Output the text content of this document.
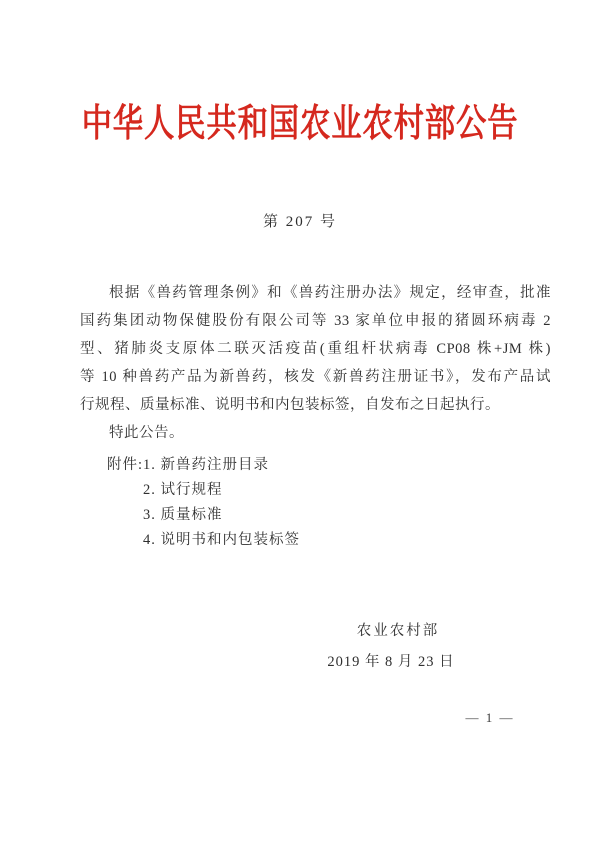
中华人民共和国农业农村部公告
第 207 号
根据《兽药管理条例》和《兽药注册办法》规定，经审查，批准
国药集团动物保健股份有限公司等 33 家单位申报的猪圆环病毒 2
型、猪肺炎支原体二联灭活疫苗(重组杆状病毒 CP08 株+JM 株)
等 10 种兽药产品为新兽药，核发《新兽药注册证书》，发布产品试
行规程、质量标准、说明书和内包装标签，自发布之日起执行。
特此公告。
附件: 1. 新兽药注册目录
2. 试行规程
3. 质量标准
4. 说明书和内包装标签
农业农村部
2019 年 8 月 23 日
— 1 —
